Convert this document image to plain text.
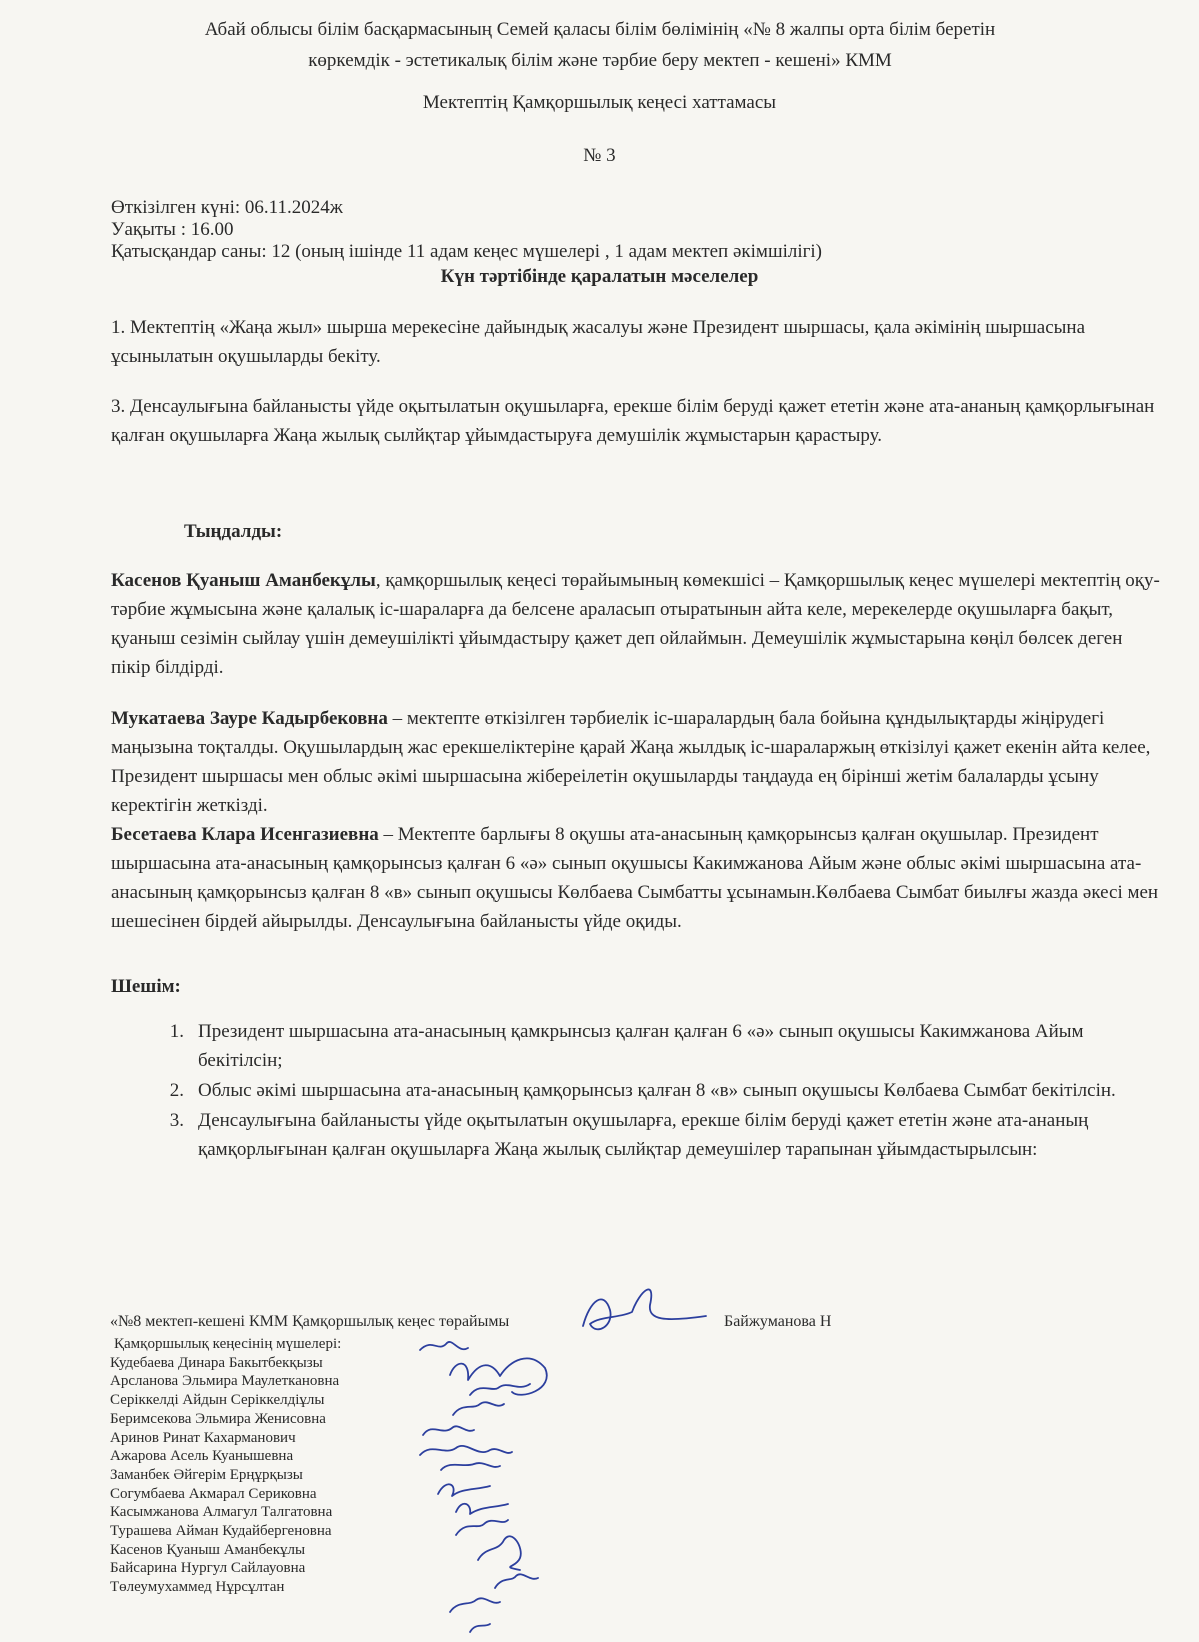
Абай облысы білім басқармасының Семей қаласы білім бөлімінің «№ 8 жалпы орта білім беретін
көркемдік - эстетикалық білім және тәрбие беру мектеп - кешені» КММ
Мектептің Қамқоршылық кеңесі хаттамасы
№ 3
Өткізілген күні: 06.11.2024ж
Уақыты : 16.00
Қатысқандар саны: 12 (оның ішінде 11 адам кеңес мүшелері , 1 адам мектеп әкімшілігі)
Күн тәртібінде қаралатын мәселелер

1. Мектептің «Жаңа жыл» шырша мерекесіне дайындық жасалуы және Президент шыршасы, қала әкімінің шыршасына ұсынылатын оқушыларды бекіту.

3. Денсаулығына байланысты үйде оқытылатын оқушыларға, ерекше білім беруді қажет ететін және ата-ананың қамқорлығынан қалған оқушыларға Жаңа жылық сылйқтар ұйымдастыруға демушілік жұмыстарын қарастыру.

Тыңдалды:

Касенов Қуаныш Аманбекұлы, қамқоршылық кеңесі төрайымының көмекшісі – Қамқоршылық кеңес мүшелері мектептің оқу-тәрбие жұмысына және қалалық іс-шараларға да белсене араласып отыратынын айта келе, мерекелерде оқушыларға бақыт, қуаныш сезімін сыйлау үшін демеушілікті ұйымдастыру қажет деп ойлаймын. Демеушілік жұмыстарына көңіл бөлсек деген пікір білдірді.

Мукатаева Зауре Кадырбековна – мектепте өткізілген тәрбиелік іс-шаралардың бала бойына құндылықтарды жіңірудегі маңызына тоқталды. Оқушылардың жас ерекшеліктеріне қарай Жаңа жылдық іс-шараларжың өткізілуі қажет екенін айта келее, Президент шыршасы мен облыс әкімі шыршасына жібереілетін оқушыларды таңдауда ең бірінші жетім балаларды ұсыну керектігін жеткізді.

Бесетаева Клара Исенгазиевна – Мектепте барлығы 8 оқушы ата-анасының қамқорынсыз қалған оқушылар. Президент шыршасына ата-анасының қамқорынсыз қалған 6 «ә» сынып оқушысы Какимжанова Айым және облыс әкімі шыршасына ата-анасының қамқорынсыз қалған 8 «в» сынып оқушысы Көлбаева Сымбатты ұсынамын.Көлбаева Сымбат биылғы жазда әкесі мен шешесінен бірдей айырылды. Денсаулығына байланысты үйде оқиды.

Шешім:
1. Президент шыршасына ата-анасының қамкрынсыз қалған қалған 6 «ә» сынып оқушысы Какимжанова Айым бекітілсін;
2. Облыс әкімі шыршасына ата-анасының қамқорынсыз қалған 8 «в» сынып оқушысы Көлбаева Сымбат бекітілсін.
3. Денсаулығына байланысты үйде оқытылатын оқушыларға, ерекше білім беруді қажет ететін және ата-ананың қамқорлығынан қалған оқушыларға Жаңа жылық сылйқтар демеушілер тарапынан ұйымдастырылсын:
«№8 мектеп-кешені КММ Қамқоршылық кеңес төрайымы	Байжуманова Н
Қамқоршылық кеңесінің мүшелері:
Кудебаева Динара Бакытбекқызы
Арсланова Эльмира Маулеткановна
Серіккелді Айдын Серіккелдіұлы
Беримсекова Эльмира Женисовна
Аринов Ринат Кахарманович
Ажарова Асель Куанышевна
Заманбек Әйгерім Ерңұрқызы
Согумбаева Акмарал Сериковна
Касымжанова Алмагул Талгатовна
Турашева Айман Кудайбергеновна
Касенов Қуаныш Аманбекұлы
Байсарина Нургул Сайлауовна
Төлеумухаммед Нұрсұлтан
